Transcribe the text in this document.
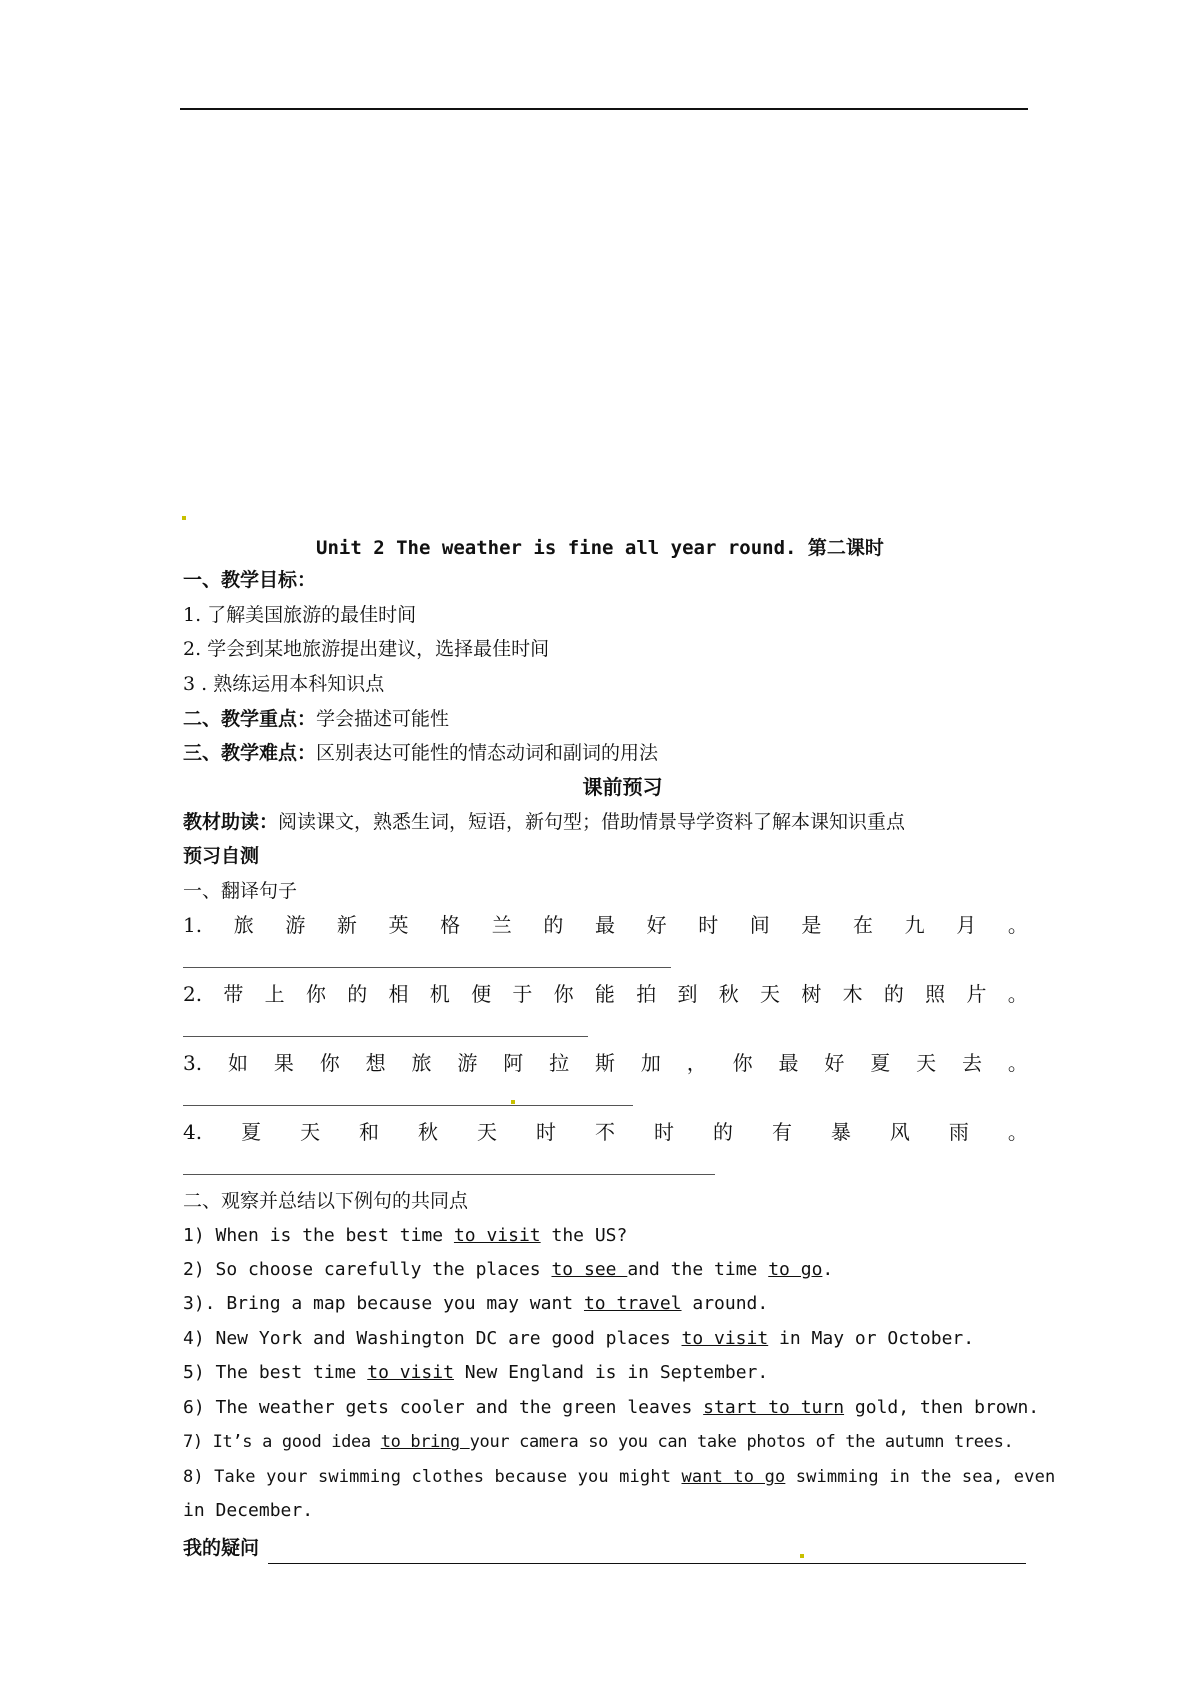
Unit 2 The weather is fine all year round. 第二课时
一、教学目标：
1. 了解美国旅游的最佳时间
2. 学会到某地旅游提出建议，选择最佳时间
3 . 熟练运用本科知识点
二、教学重点：学会描述可能性
三、教学难点：区别表达可能性的情态动词和副词的用法
课前预习
教材助读：阅读课文，熟悉生词，短语，新句型；借助情景导学资料了解本课知识重点
预习自测
一、翻译句子
1. 旅 游 新 英 格 兰 的 最 好 时 间 是 在 九 月 。
2. 带 上 你 的 相 机 便 于 你 能 拍 到 秋 天 树 木 的 照 片 。
3. 如 果 你 想 旅 游 阿 拉 斯 加 ， 你 最 好 夏 天 去 。
4. 夏 天 和 秋 天 时 不 时 的 有 暴 风 雨 。
二、观察并总结以下例句的共同点
1) When is the best time to visit the US?
2) So choose carefully the places to see and the time to go.
3). Bring a map because you may want to travel around.
4) New York and Washington DC are good places to visit in May or October.
5) The best time to visit New England is in September.
6) The weather gets cooler and the green leaves start to turn gold, then brown.
7) It’s a good idea to bring your camera so you can take photos of the autumn trees.
8) Take your swimming clothes because you might want to go swimming in the sea, even
in December.
我的疑问
